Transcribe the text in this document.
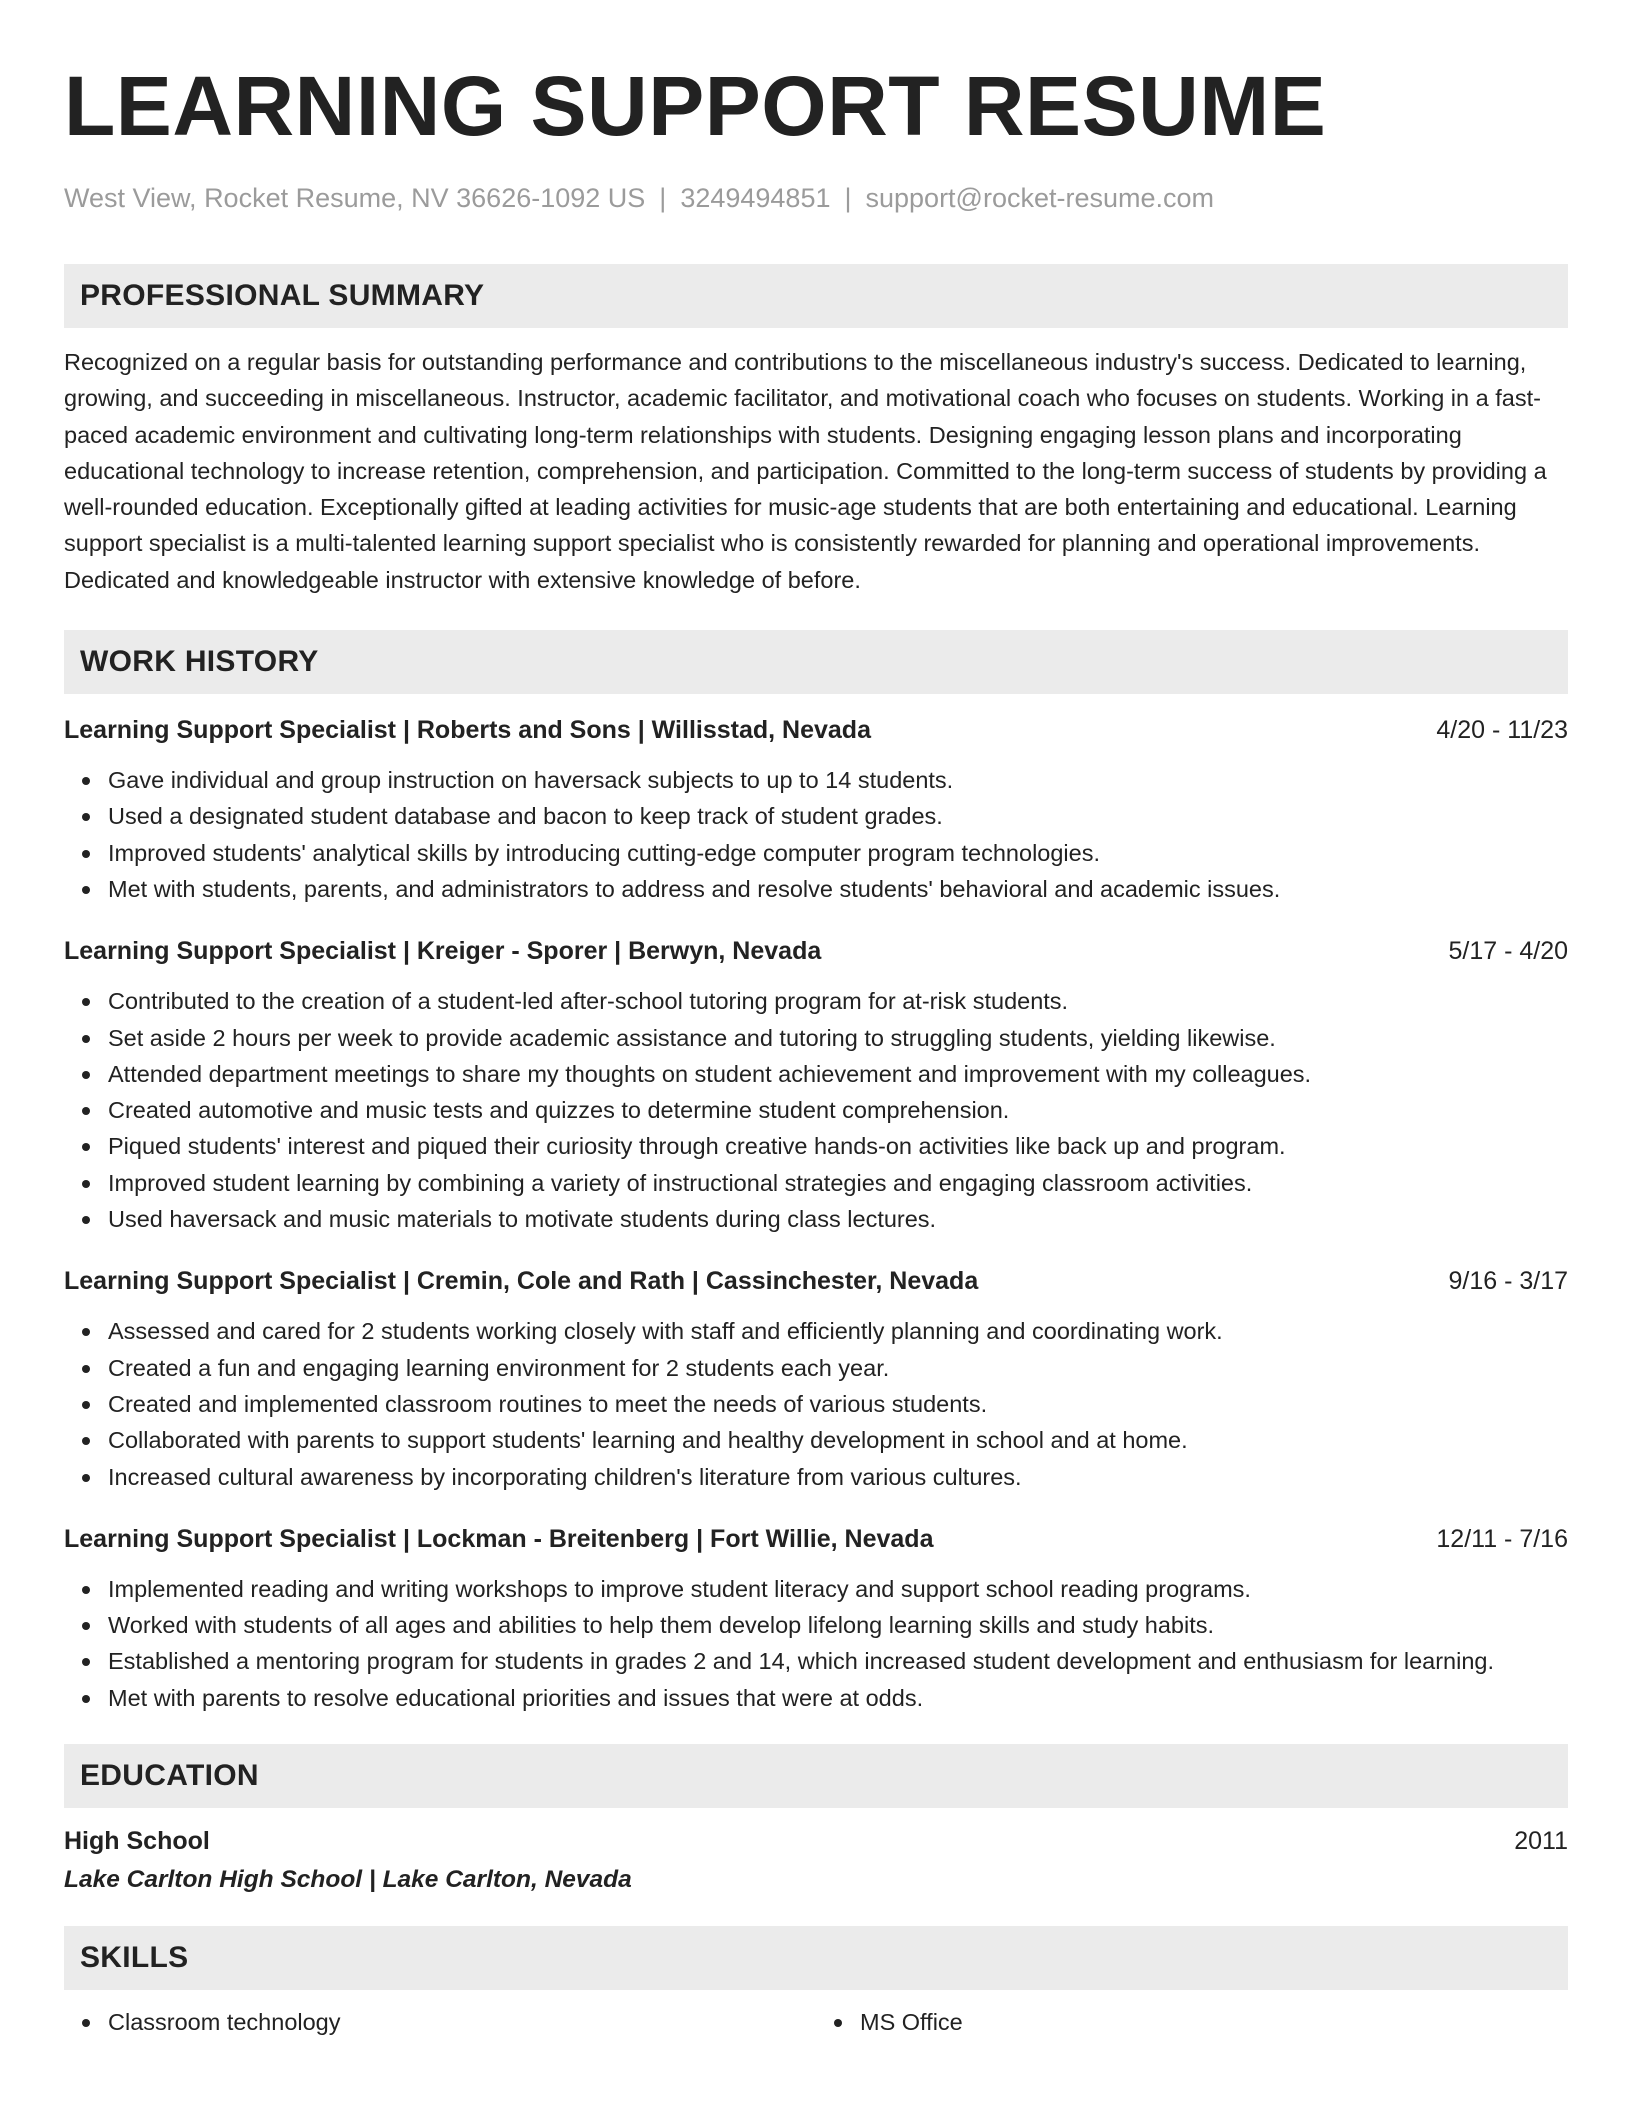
LEARNING SUPPORT RESUME
West View, Rocket Resume, NV 36626-1092 US | 3249494851 | support@rocket-resume.com
PROFESSIONAL SUMMARY
Recognized on a regular basis for outstanding performance and contributions to the miscellaneous industry's success. Dedicated to learning, growing, and succeeding in miscellaneous. Instructor, academic facilitator, and motivational coach who focuses on students. Working in a fast-paced academic environment and cultivating long-term relationships with students. Designing engaging lesson plans and incorporating educational technology to increase retention, comprehension, and participation. Committed to the long-term success of students by providing a well-rounded education. Exceptionally gifted at leading activities for music-age students that are both entertaining and educational. Learning support specialist is a multi-talented learning support specialist who is consistently rewarded for planning and operational improvements. Dedicated and knowledgeable instructor with extensive knowledge of before.
WORK HISTORY
Learning Support Specialist | Roberts and Sons | Willisstad, Nevada	4/20 - 11/23
Gave individual and group instruction on haversack subjects to up to 14 students.
Used a designated student database and bacon to keep track of student grades.
Improved students' analytical skills by introducing cutting-edge computer program technologies.
Met with students, parents, and administrators to address and resolve students' behavioral and academic issues.
Learning Support Specialist | Kreiger - Sporer | Berwyn, Nevada	5/17 - 4/20
Contributed to the creation of a student-led after-school tutoring program for at-risk students.
Set aside 2 hours per week to provide academic assistance and tutoring to struggling students, yielding likewise.
Attended department meetings to share my thoughts on student achievement and improvement with my colleagues.
Created automotive and music tests and quizzes to determine student comprehension.
Piqued students' interest and piqued their curiosity through creative hands-on activities like back up and program.
Improved student learning by combining a variety of instructional strategies and engaging classroom activities.
Used haversack and music materials to motivate students during class lectures.
Learning Support Specialist | Cremin, Cole and Rath | Cassinchester, Nevada	9/16 - 3/17
Assessed and cared for 2 students working closely with staff and efficiently planning and coordinating work.
Created a fun and engaging learning environment for 2 students each year.
Created and implemented classroom routines to meet the needs of various students.
Collaborated with parents to support students' learning and healthy development in school and at home.
Increased cultural awareness by incorporating children's literature from various cultures.
Learning Support Specialist | Lockman - Breitenberg | Fort Willie, Nevada	12/11 - 7/16
Implemented reading and writing workshops to improve student literacy and support school reading programs.
Worked with students of all ages and abilities to help them develop lifelong learning skills and study habits.
Established a mentoring program for students in grades 2 and 14, which increased student development and enthusiasm for learning.
Met with parents to resolve educational priorities and issues that were at odds.
EDUCATION
High School	2011
Lake Carlton High School | Lake Carlton, Nevada
SKILLS
Classroom technology	MS Office
